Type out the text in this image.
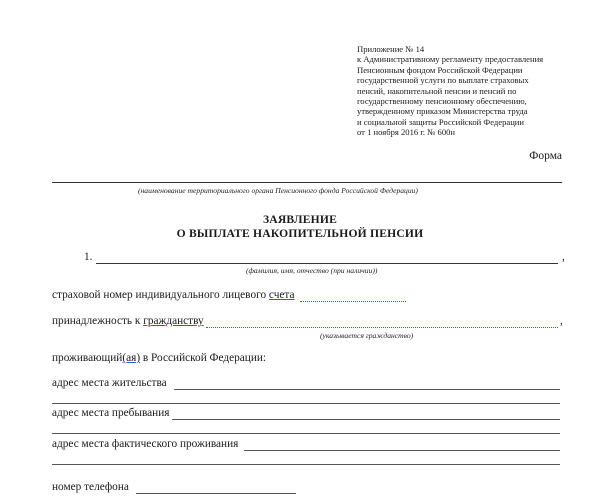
Приложение № 14
к Административному регламенту предоставления
Пенсионным фондом Российской Федерации
государственной услуги по выплате страховых
пенсий, накопительной пенсии и пенсий по
государственному пенсионному обеспечению,
утвержденному приказом Министерства труда
и социальной защиты Российской Федерации
от 1 ноября 2016 г. № 600н
Форма
(наименование территориального органа Пенсионного фонда Российской Федерации)
ЗАЯВЛЕНИЕ
О ВЫПЛАТЕ НАКОПИТЕЛЬНОЙ ПЕНСИИ
1.	,
(фамилия, имя, отчество (при наличии))
страховой номер индивидуального лицевого счета
принадлежность к гражданству	,
(указывается гражданство)
проживающий(ая) в Российской Федерации:
адрес места жительства
адрес места пребывания
адрес места фактического проживания
номер телефона
